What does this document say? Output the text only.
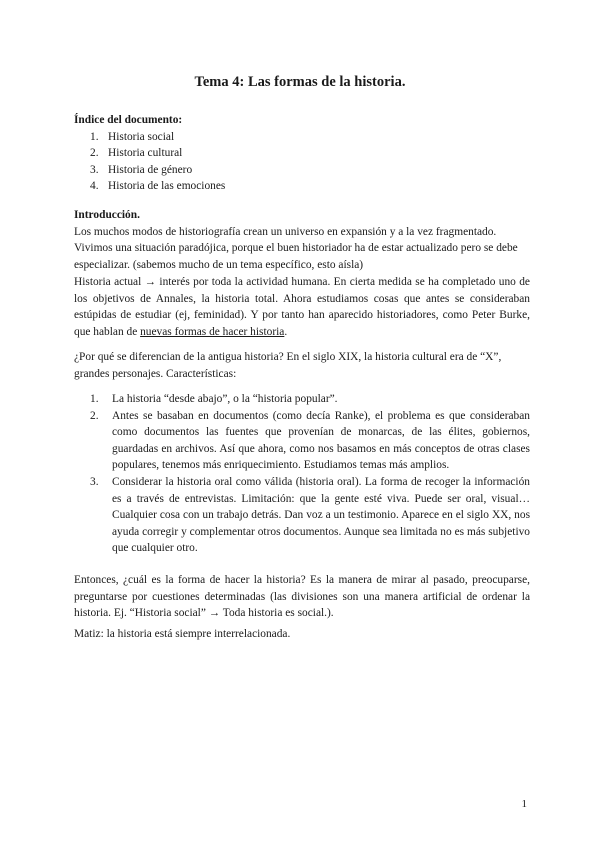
Tema 4: Las formas de la historia.
Índice del documento:
1. Historia social
2. Historia cultural
3. Historia de género
4. Historia de las emociones
Introducción.

Los muchos modos de historiografía crean un universo en expansión y a la vez fragmentado. Vivimos una situación paradójica, porque el buen historiador ha de estar actualizado pero se debe especializar. (sabemos mucho de un tema específico, esto aísla)

Historia actual → interés por toda la actividad humana. En cierta medida se ha completado uno de los objetivos de Annales, la historia total. Ahora estudiamos cosas que antes se consideraban estúpidas de estudiar (ej, feminidad). Y por tanto han aparecido historiadores, como Peter Burke, que hablan de nuevas formas de hacer historia.

¿Por qué se diferencian de la antigua historia? En el siglo XIX, la historia cultural era de “X”, grandes personajes. Características:

1.	La historia “desde abajo”, o la “historia popular”.
2.	Antes se basaban en documentos (como decía Ranke), el problema es que consideraban como documentos las fuentes que provenían de monarcas, de las élites, gobiernos, guardadas en archivos. Así que ahora, como nos basamos en más conceptos de otras clases populares, tenemos más enriquecimiento. Estudiamos temas más amplios.
3.	Considerar la historia oral como válida (historia oral). La forma de recoger la información es a través de entrevistas. Limitación: que la gente esté viva. Puede ser oral, visual… Cualquier cosa con un trabajo detrás. Dan voz a un testimonio. Aparece en el siglo XX, nos ayuda corregir y complementar otros documentos. Aunque sea limitada no es más subjetivo que cualquier otro.

Entonces, ¿cuál es la forma de hacer la historia? Es la manera de mirar al pasado, preocuparse, preguntarse por cuestiones determinadas (las divisiones son una manera artificial de ordenar la historia. Ej. “Historia social” → Toda historia es social.).

Matiz: la historia está siempre interrelacionada.

1
